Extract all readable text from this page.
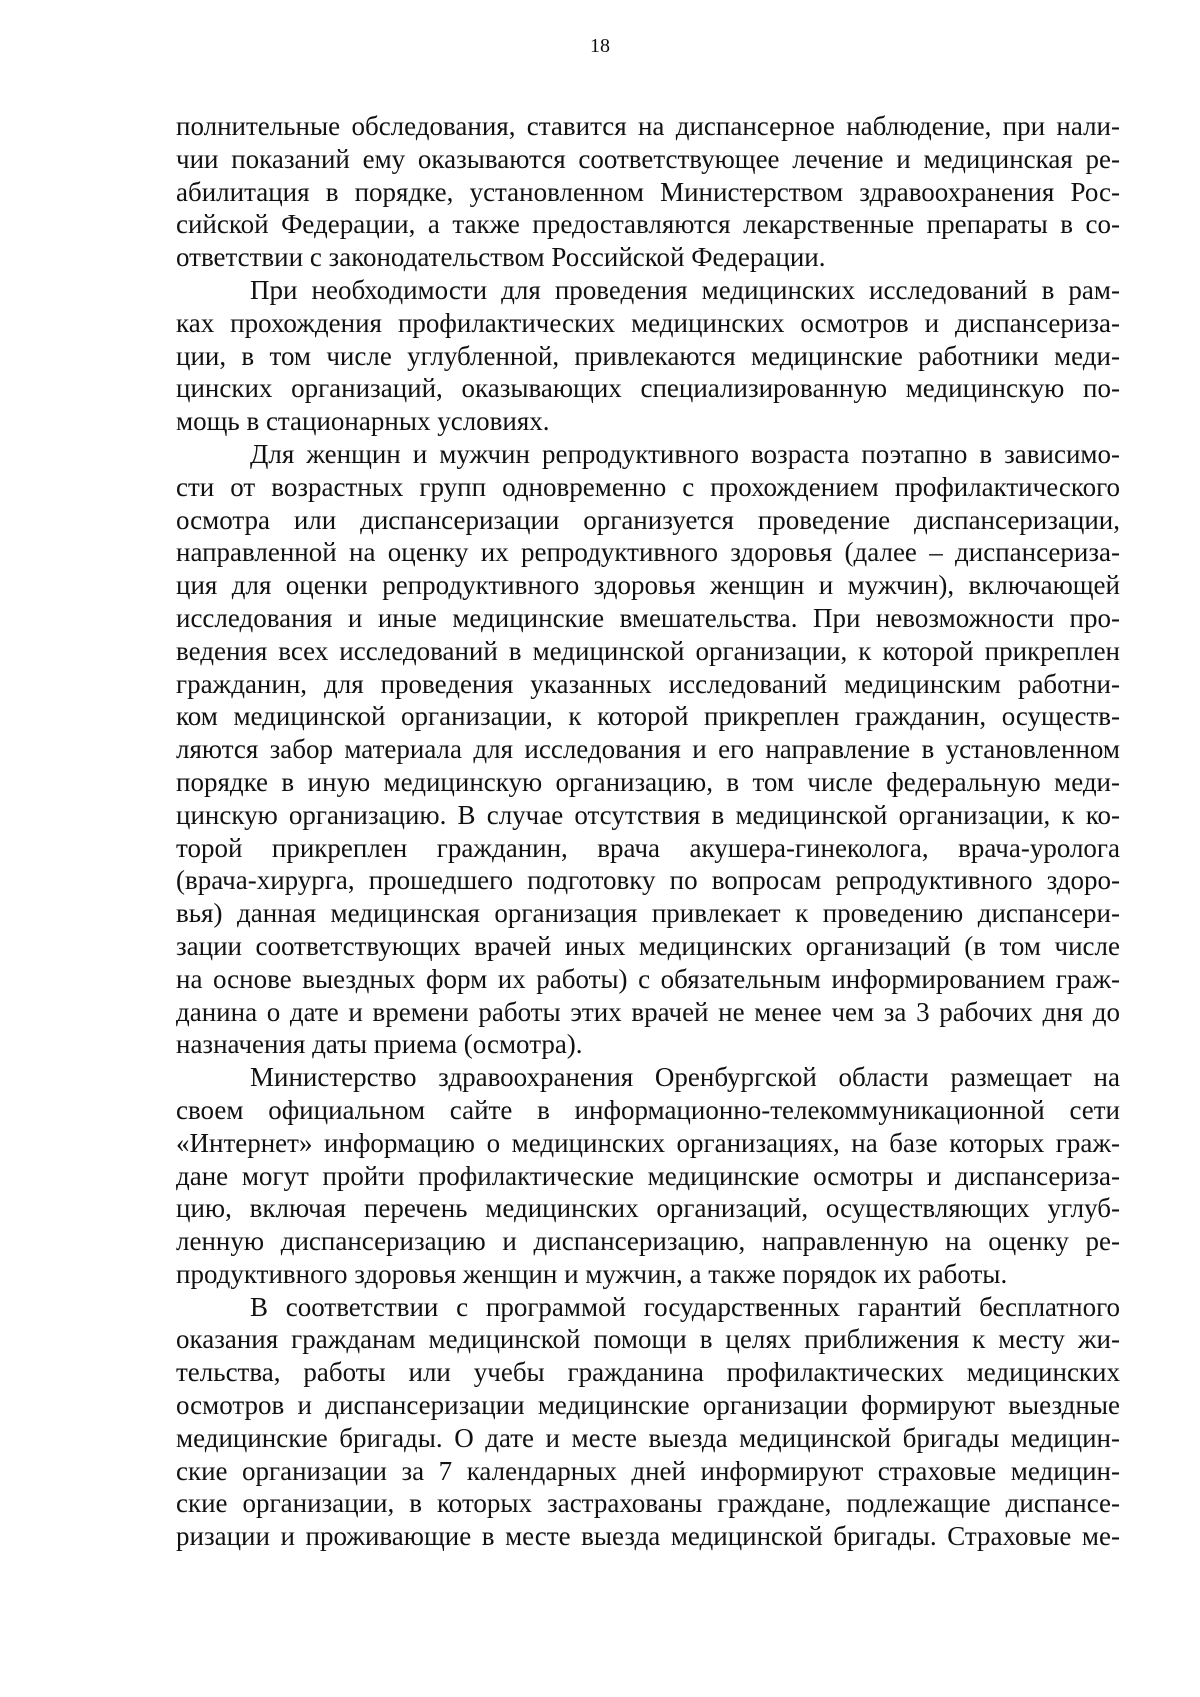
18
полнительные обследования, ставится на диспансерное наблюдение, при нали-
чии показаний ему оказываются соответствующее лечение и медицинская ре-
абилитация в порядке, установленном Министерством здравоохранения Рос-
сийской Федерации, а также предоставляются лекарственные препараты в со-
ответствии с законодательством Российской Федерации.
При необходимости для проведения медицинских исследований в рам-
ках прохождения профилактических медицинских осмотров и диспансериза-
ции, в том числе углубленной, привлекаются медицинские работники меди-
цинских организаций, оказывающих специализированную медицинскую по-
мощь в стационарных условиях.
Для женщин и мужчин репродуктивного возраста поэтапно в зависимо-
сти от возрастных групп одновременно с прохождением профилактического
осмотра или диспансеризации организуется проведение диспансеризации,
направленной на оценку их репродуктивного здоровья (далее – диспансериза-
ция для оценки репродуктивного здоровья женщин и мужчин), включающей
исследования и иные медицинские вмешательства. При невозможности про-
ведения всех исследований в медицинской организации, к которой прикреплен
гражданин, для проведения указанных исследований медицинским работни-
ком медицинской организации, к которой прикреплен гражданин, осуществ-
ляются забор материала для исследования и его направление в установленном
порядке в иную медицинскую организацию, в том числе федеральную меди-
цинскую организацию. В случае отсутствия в медицинской организации, к ко-
торой прикреплен гражданин, врача акушера-гинеколога, врача-уролога
(врача-хирурга, прошедшего подготовку по вопросам репродуктивного здоро-
вья) данная медицинская организация привлекает к проведению диспансери-
зации соответствующих врачей иных медицинских организаций (в том числе
на основе выездных форм их работы) с обязательным информированием граж-
данина о дате и времени работы этих врачей не менее чем за 3 рабочих дня до
назначения даты приема (осмотра).
Министерство здравоохранения Оренбургской области размещает на
своем официальном сайте в информационно-телекоммуникационной сети
«Интернет» информацию о медицинских организациях, на базе которых граж-
дане могут пройти профилактические медицинские осмотры и диспансериза-
цию, включая перечень медицинских организаций, осуществляющих углуб-
ленную диспансеризацию и диспансеризацию, направленную на оценку ре-
продуктивного здоровья женщин и мужчин, а также порядок их работы.
В соответствии с программой государственных гарантий бесплатного
оказания гражданам медицинской помощи в целях приближения к месту жи-
тельства, работы или учебы гражданина профилактических медицинских
осмотров и диспансеризации медицинские организации формируют выездные
медицинские бригады. О дате и месте выезда медицинской бригады медицин-
ские организации за 7 календарных дней информируют страховые медицин-
ские организации, в которых застрахованы граждане, подлежащие диспансе-
ризации и проживающие в месте выезда медицинской бригады. Страховые ме-
